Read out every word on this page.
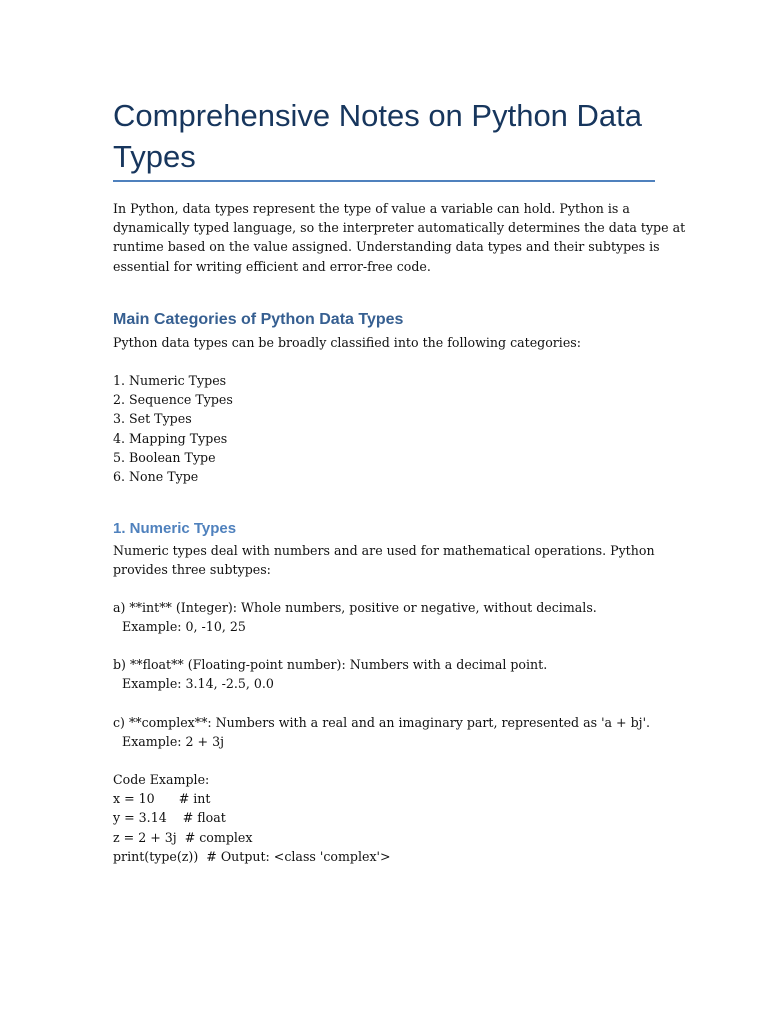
Comprehensive Notes on Python Data
Types

In Python, data types represent the type of value a variable can hold. Python is a
dynamically typed language, so the interpreter automatically determines the data type at
runtime based on the value assigned. Understanding data types and their subtypes is
essential for writing efficient and error-free code.

Main Categories of Python Data Types

Python data types can be broadly classified into the following categories:

1. Numeric Types
2. Sequence Types
3. Set Types
4. Mapping Types
5. Boolean Type
6. None Type
1. Numeric Types

Numeric types deal with numbers and are used for mathematical operations. Python
provides three subtypes:

a) **int** (Integer): Whole numbers, positive or negative, without decimals.
Example: 0, -10, 25

b) **float** (Floating-point number): Numbers with a decimal point.
Example: 3.14, -2.5, 0.0

c) **complex**: Numbers with a real and an imaginary part, represented as 'a + bj'.
Example: 2 + 3j

Code Example:
x = 10      # int
y = 3.14    # float
z = 2 + 3j  # complex
print(type(z))  # Output: <class 'complex'>
